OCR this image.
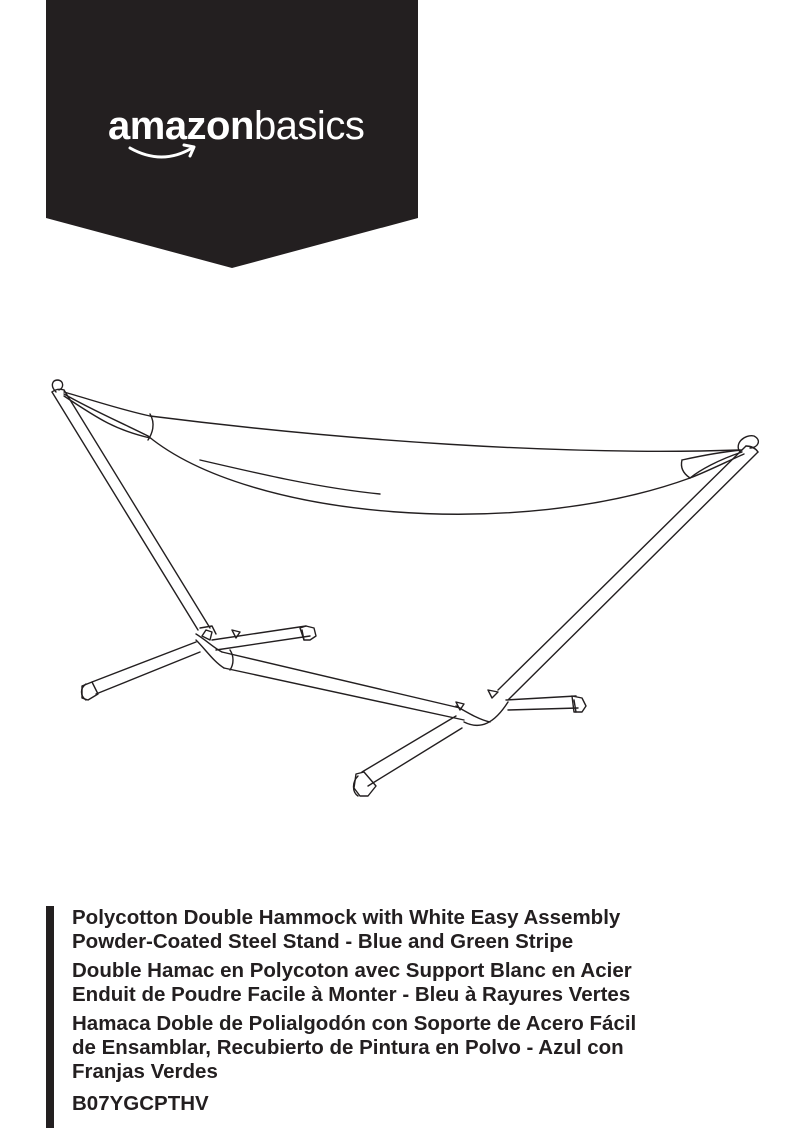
amazonbasics
Polycotton Double Hammock with White Easy Assembly
Powder-Coated Steel Stand - Blue and Green Stripe
Double Hamac en Polycoton avec Support Blanc en Acier
Enduit de Poudre Facile à Monter - Bleu à Rayures Vertes
Hamaca Doble de Polialgodón con Soporte de Acero Fácil
de Ensamblar, Recubierto de Pintura en Polvo - Azul con
Franjas Verdes
B07YGCPTHV
